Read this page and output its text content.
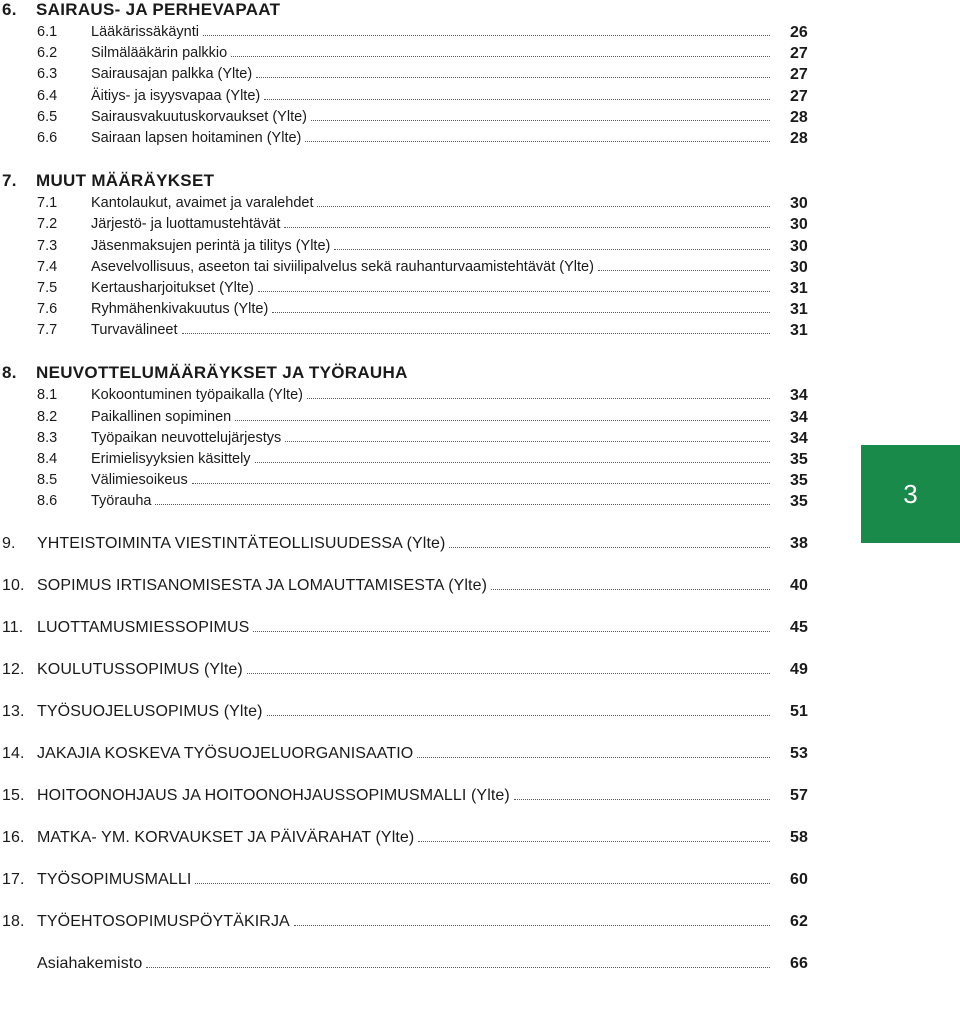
6.	SAIRAUS- JA PERHEVAPAAT
6.1	Lääkärissäkäynti	26
6.2	Silmälääkärin palkkio	27
6.3	Sairausajan palkka (Ylte)	27
6.4	Äitiys- ja isyysvapaa (Ylte)	27
6.5	Sairausvakuutuskorvaukset (Ylte)	28
6.6	Sairaan lapsen hoitaminen (Ylte)	28
7.	MUUT MÄÄRÄYKSET
7.1	Kantolaukut, avaimet ja varalehdet	30
7.2	Järjestö- ja luottamustehtävät	30
7.3	Jäsenmaksujen perintä ja tilitys (Ylte)	30
7.4	Asevelvollisuus, aseeton tai siviilipalvelus sekä rauhanturvaamistehtävät (Ylte)	30
7.5	Kertausharjoitukset (Ylte)	31
7.6	Ryhmähenkivakuutus (Ylte)	31
7.7	Turvavälineet	31
8.	NEUVOTTELUMÄÄRÄYKSET JA TYÖRAUHA
8.1	Kokoontuminen työpaikalla (Ylte)	34
8.2	Paikallinen sopiminen	34
8.3	Työpaikan neuvottelujärjestys	34
8.4	Erimielisyyksien käsittely	35
8.5	Välimiesoikeus	35
8.6	Työrauha	35
9. YHTEISTOIMINTA VIESTINTÄTEOLLISUUDESSA (Ylte)	38
10. SOPIMUS IRTISANOMISESTA JA LOMAUTTAMISESTA (Ylte)	40
11. LUOTTAMUSMIESSOPIMUS	45
12. KOULUTUSSOPIMUS (Ylte)	49
13. TYÖSUOJELUSOPIMUS (Ylte)	51
14. JAKAJIA KOSKEVA TYÖSUOJELUORGANISAATIO	53
15. HOITOONOHJAUS JA HOITOONOHJAUSSOPIMUSMALLI (Ylte)	57
16. MATKA- YM. KORVAUKSET JA PÄIVÄRAHAT (Ylte)	58
17. TYÖSOPIMUSMALLI	60
18. TYÖEHTOSOPIMUSPÖYTÄKIRJA	62
Asiahakemisto	66
3
